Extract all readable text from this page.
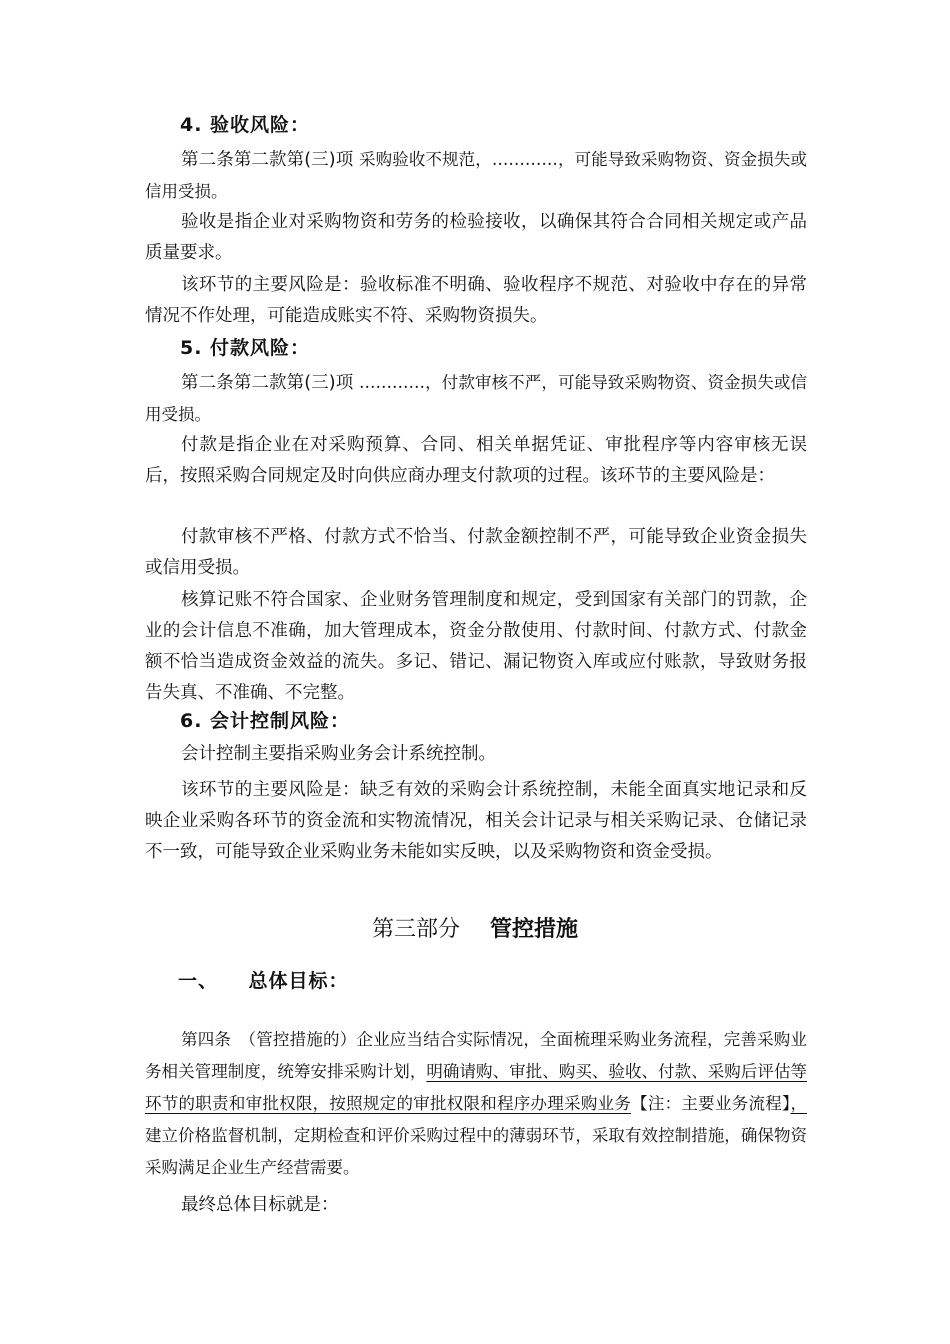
4. 验收风险：
第二条第二款第(三)项 采购验收不规范，…………，可能导致采购物资、资金损失或信用受损。
验收是指企业对采购物资和劳务的检验接收，以确保其符合合同相关规定或产品质量要求。
该环节的主要风险是：验收标准不明确、验收程序不规范、对验收中存在的异常情况不作处理，可能造成账实不符、采购物资损失。
5. 付款风险：
第二条第二款第(三)项 …………，付款审核不严，可能导致采购物资、资金损失或信用受损。
付款是指企业在对采购预算、合同、相关单据凭证、审批程序等内容审核无误后，按照采购合同规定及时向供应商办理支付款项的过程。该环节的主要风险是：
付款审核不严格、付款方式不恰当、付款金额控制不严，可能导致企业资金损失或信用受损。
核算记账不符合国家、企业财务管理制度和规定，受到国家有关部门的罚款，企业的会计信息不准确，加大管理成本，资金分散使用、付款时间、付款方式、付款金额不恰当造成资金效益的流失。多记、错记、漏记物资入库或应付账款，导致财务报告失真、不准确、不完整。
6. 会计控制风险：
会计控制主要指采购业务会计系统控制。
该环节的主要风险是：缺乏有效的采购会计系统控制，未能全面真实地记录和反映企业采购各环节的资金流和实物流情况，相关会计记录与相关采购记录、仓储记录不一致，可能导致企业采购业务未能如实反映，以及采购物资和资金受损。
第三部分 管控措施
一、    总体目标：
第四条　（管控措施的）企业应当结合实际情况，全面梳理采购业务流程，完善采购业务相关管理制度，统筹安排采购计划，明确请购、审批、购买、验收、付款、采购后评估等环节的职责和审批权限，按照规定的审批权限和程序办理采购业务【注：主要业务流程】，建立价格监督机制，定期检查和评价采购过程中的薄弱环节，采取有效控制措施，确保物资采购满足企业生产经营需要。
最终总体目标就是：
